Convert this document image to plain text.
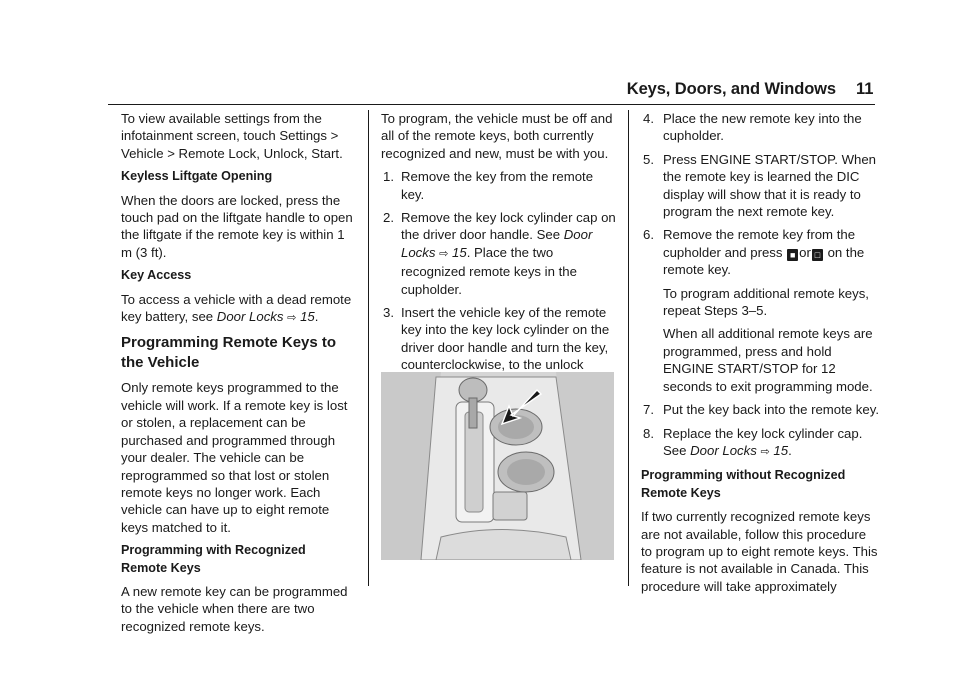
Keys, Doors, and Windows 11

To view available settings from the infotainment screen, touch Settings > Vehicle > Remote Lock, Unlock, Start.

Keyless Liftgate Opening

When the doors are locked, press the touch pad on the liftgate handle to open the liftgate if the remote key is within 1 m (3 ft).

Key Access

To access a vehicle with a dead remote key battery, see Door Locks ⇨ 15.

Programming Remote Keys to the Vehicle

Only remote keys programmed to the vehicle will work. If a remote key is lost or stolen, a replacement can be purchased and programmed through your dealer. The vehicle can be reprogrammed so that lost or stolen remote keys no longer work. Each vehicle can have up to eight remote keys matched to it.

Programming with Recognized Remote Keys

A new remote key can be programmed to the vehicle when there are two recognized remote keys.

To program, the vehicle must be off and all of the remote keys, both currently recognized and new, must be with you.

1. Remove the key from the remote key.
2. Remove the key lock cylinder cap on the driver door handle. See Door Locks ⇨ 15. Place the two recognized remote keys in the cupholder.
3. Insert the vehicle key of the remote key into the key lock cylinder on the driver door handle and turn the key, counterclockwise, to the unlock
4. Place the new remote key into the cupholder.
5. Press ENGINE START/STOP. When the remote key is learned the DIC display will show that it is ready to program the next remote key.
6. Remove the remote key from the cupholder and press ■ or □ on the remote key.
To program additional remote keys, repeat Steps 3–5.
When all additional remote keys are programmed, press and hold ENGINE START/STOP for 12 seconds to exit programming mode.
7. Put the key back into the remote key.
8. Replace the key lock cylinder cap. See Door Locks ⇨ 15.

Programming without Recognized Remote Keys

If two currently recognized remote keys are not available, follow this procedure to program up to eight remote keys. This feature is not available in Canada. This procedure will take approximately
